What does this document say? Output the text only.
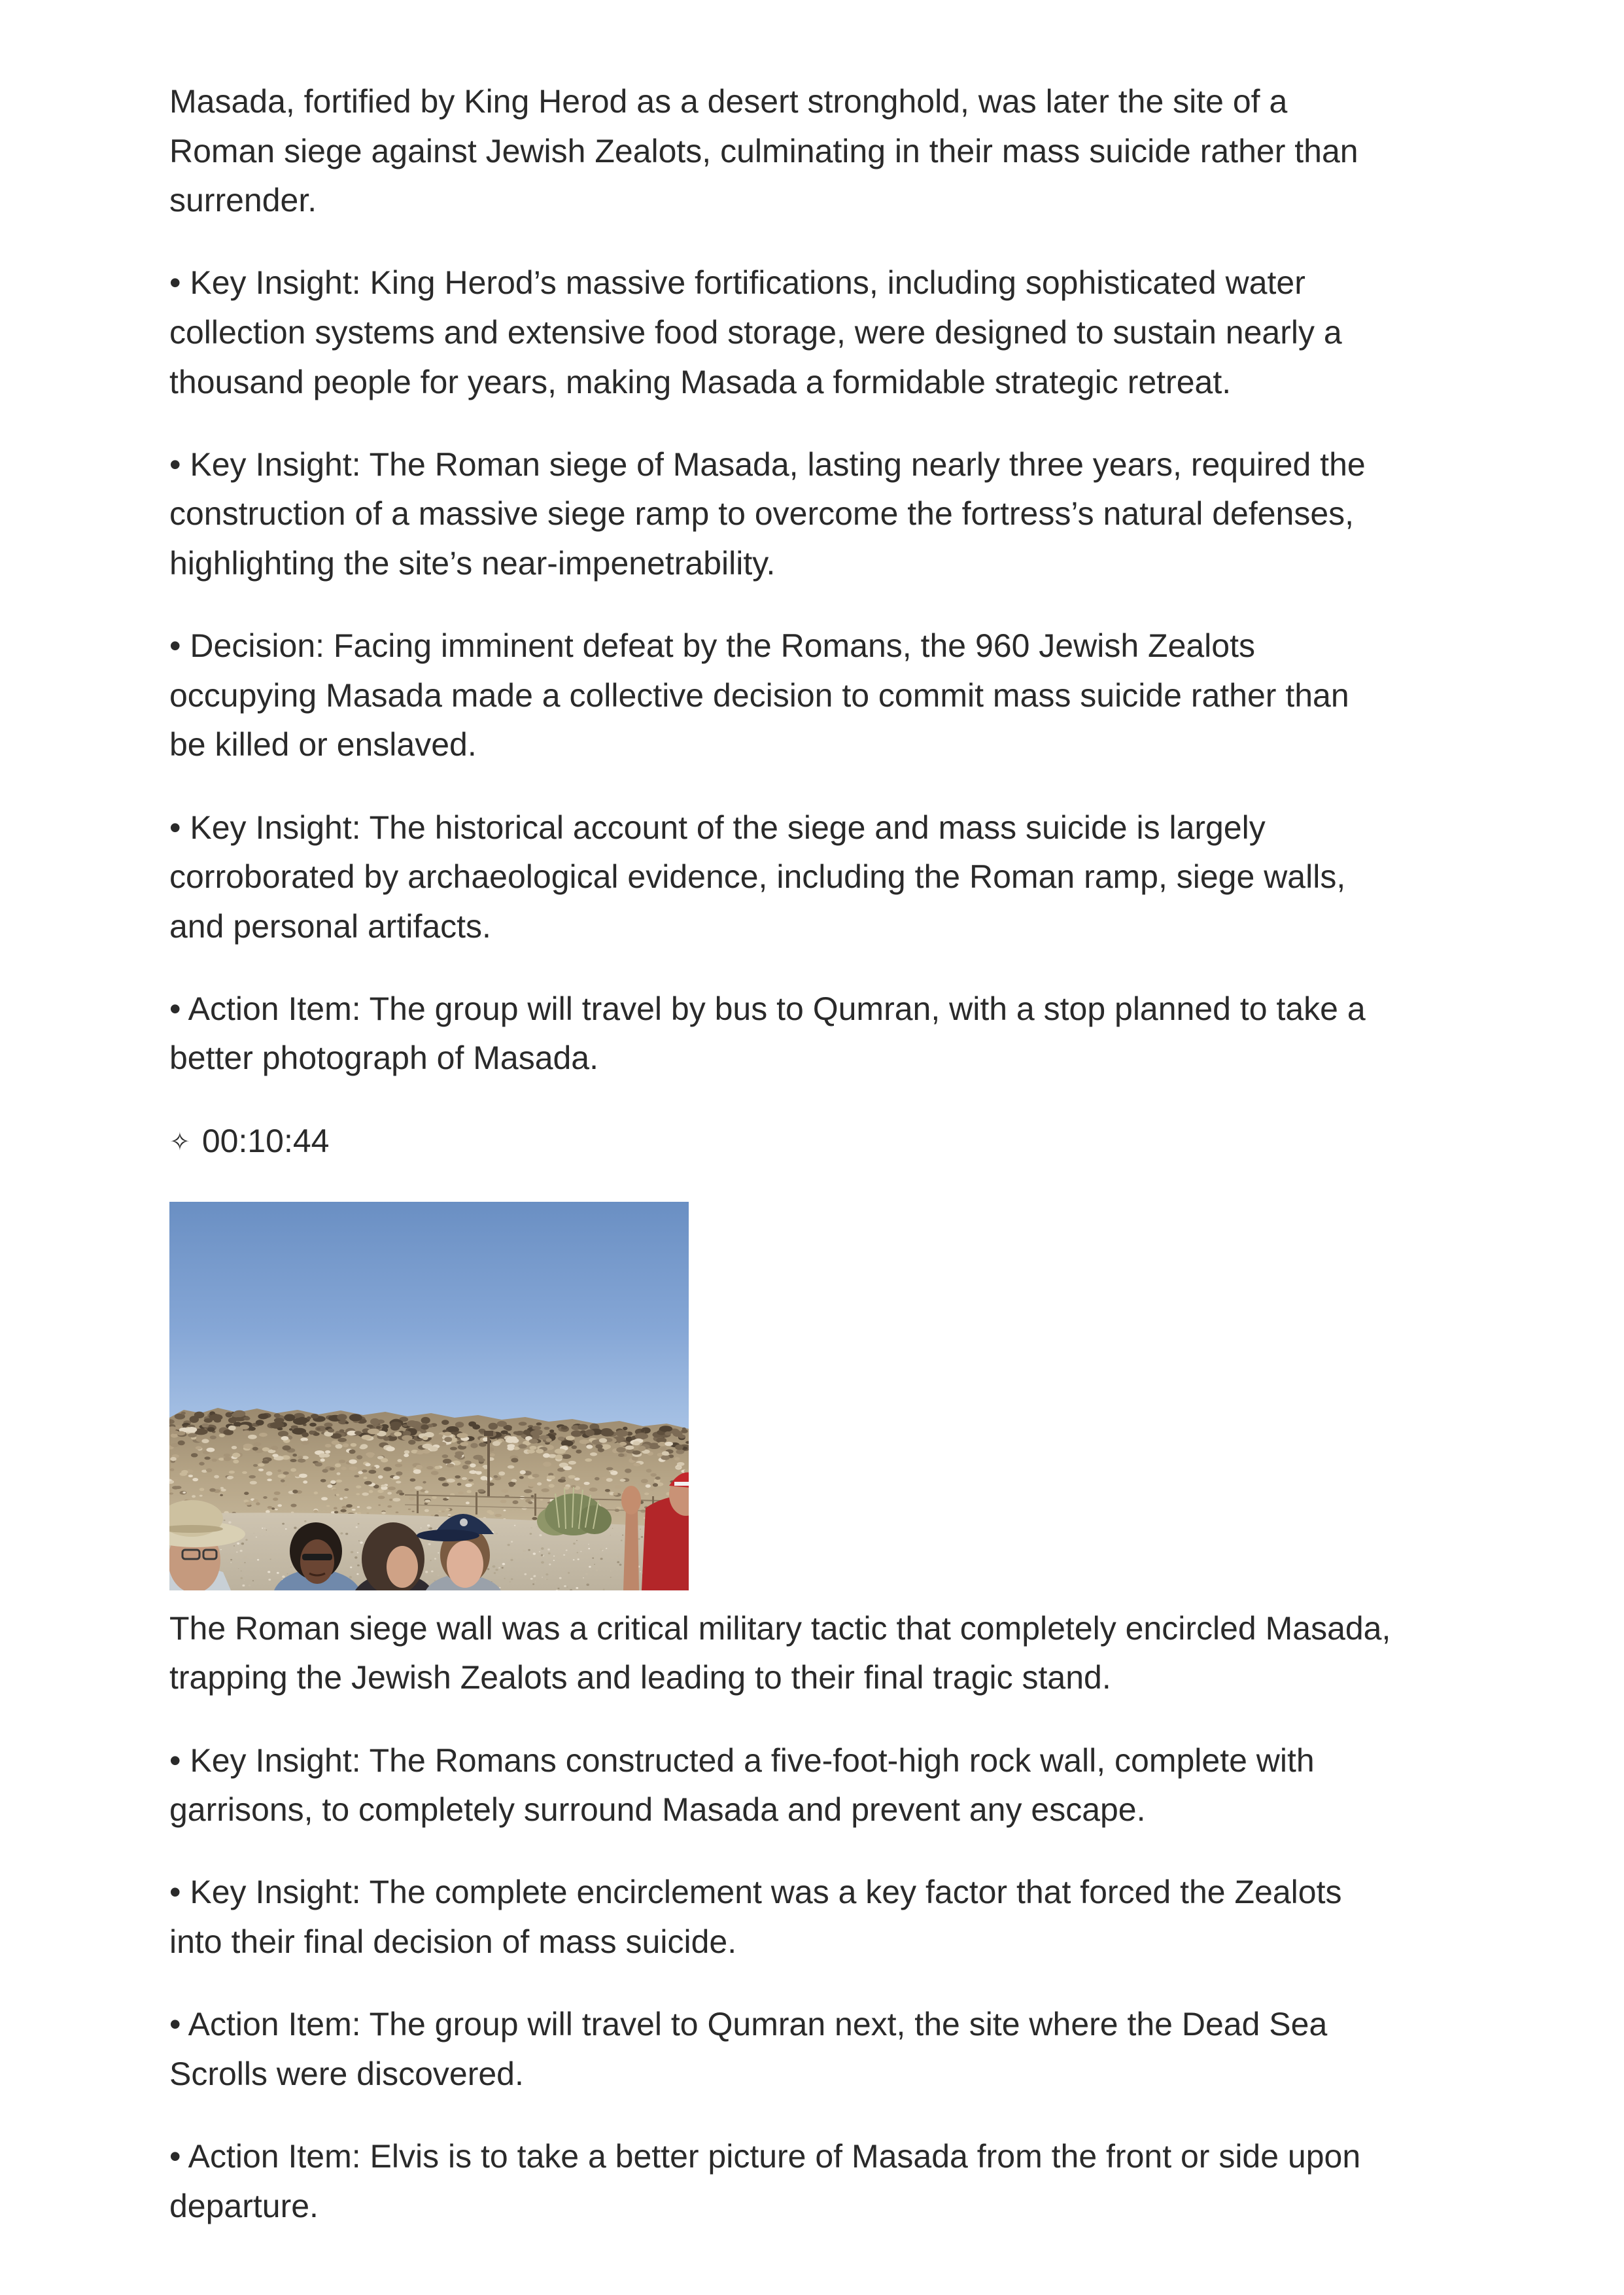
Masada, fortified by King Herod as a desert stronghold, was later the site of a
Roman siege against Jewish Zealots, culminating in their mass suicide rather than
surrender.
• Key Insight: King Herod’s massive fortifications, including sophisticated water
collection systems and extensive food storage, were designed to sustain nearly a
thousand people for years, making Masada a formidable strategic retreat.
• Key Insight: The Roman siege of Masada, lasting nearly three years, required the
construction of a massive siege ramp to overcome the fortress’s natural defenses,
highlighting the site’s near-impenetrability.
• Decision: Facing imminent defeat by the Romans, the 960 Jewish Zealots
occupying Masada made a collective decision to commit mass suicide rather than
be killed or enslaved.
• Key Insight: The historical account of the siege and mass suicide is largely
corroborated by archaeological evidence, including the Roman ramp, siege walls,
and personal artifacts.
• Action Item: The group will travel by bus to Qumran, with a stop planned to take a
better photograph of Masada.
✧ 00:10:44
The Roman siege wall was a critical military tactic that completely encircled Masada,
trapping the Jewish Zealots and leading to their final tragic stand.
• Key Insight: The Romans constructed a five-foot-high rock wall, complete with
garrisons, to completely surround Masada and prevent any escape.
• Key Insight: The complete encirclement was a key factor that forced the Zealots
into their final decision of mass suicide.
• Action Item: The group will travel to Qumran next, the site where the Dead Sea
Scrolls were discovered.
• Action Item: Elvis is to take a better picture of Masada from the front or side upon
departure.
